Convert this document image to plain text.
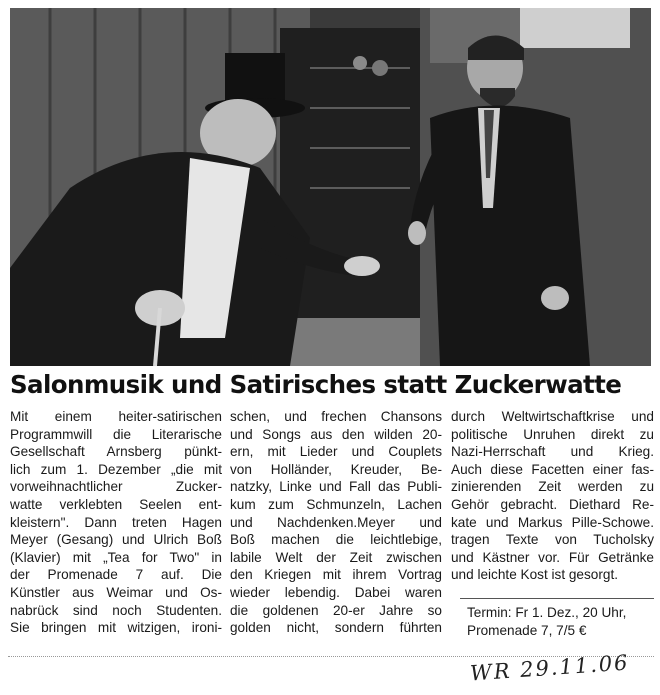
Salonmusik und Satirisches statt Zuckerwatte
Mit einem heiter-satirischen
Programmwill die Literarische
Gesellschaft Arnsberg pünkt-
lich zum 1. Dezember „die mit
vorweihnachtlicher Zucker-
watte verklebten Seelen ent-
kleistern". Dann treten Hagen
Meyer (Gesang) und Ulrich Boß
(Klavier) mit „Tea for Two" in
der Promenade 7 auf. Die
Künstler aus Weimar und Os-
nabrück sind noch Studenten.
Sie bringen mit witzigen, ironi-
schen, und frechen Chansons
und Songs aus den wilden 20-
ern, mit Lieder und Couplets
von Holländer, Kreuder, Be-
natzky, Linke und Fall das Publi-
kum zum Schmunzeln, Lachen
und Nachdenken.Meyer und
Boß machen die leichtlebige,
labile Welt der Zeit zwischen
den Kriegen mit ihrem Vortrag
wieder lebendig. Dabei waren
die goldenen 20-er Jahre so
golden nicht, sondern führten
durch Weltwirtschaftkrise und
politische Unruhen direkt zu
Nazi-Herrschaft und Krieg.
Auch diese Facetten einer fas-
zinierenden Zeit werden zu
Gehör gebracht. Diethard Re-
kate und Markus Pille-Schowe.
tragen Texte von Tucholsky
und Kästner vor. Für Getränke
und leichte Kost ist gesorgt.
Termin: Fr 1. Dez., 20 Uhr,
Promenade 7, 7/5 €
WR 29.11.06
